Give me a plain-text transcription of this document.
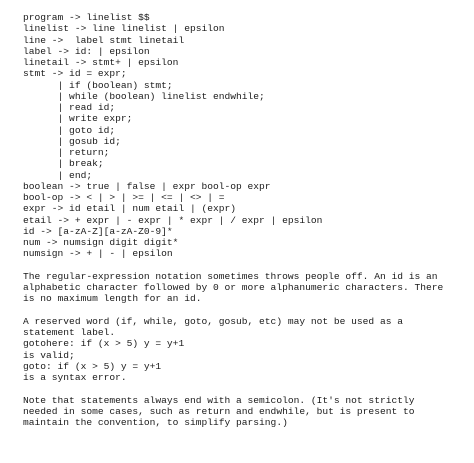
program -> linelist $$
linelist -> line linelist | epsilon
line ->  label stmt linetail
label -> id: | epsilon
linetail -> stmt+ | epsilon
stmt -> id = expr;
| if (boolean) stmt;
| while (boolean) linelist endwhile;
| read id;
| write expr;
| goto id;
| gosub id;
| return;
| break;
| end;
boolean -> true | false | expr bool-op expr
bool-op -> < | > | >= | <= | <> | =
expr -> id etail | num etail | (expr)
etail -> + expr | - expr | * expr | / expr | epsilon
id -> [a-zA-Z][a-zA-Z0-9]*
num -> numsign digit digit*
numsign -> + | - | epsilon
The regular-expression notation sometimes throws people off. An id is an
alphabetic character followed by 0 or more alphanumeric characters. There
is no maximum length for an id.
A reserved word (if, while, goto, gosub, etc) may not be used as a
statement label.
gotohere: if (x > 5) y = y+1
is valid;
goto: if (x > 5) y = y+1
is a syntax error.
Note that statements always end with a semicolon. (It's not strictly
needed in some cases, such as return and endwhile, but is present to
maintain the convention, to simplify parsing.)
